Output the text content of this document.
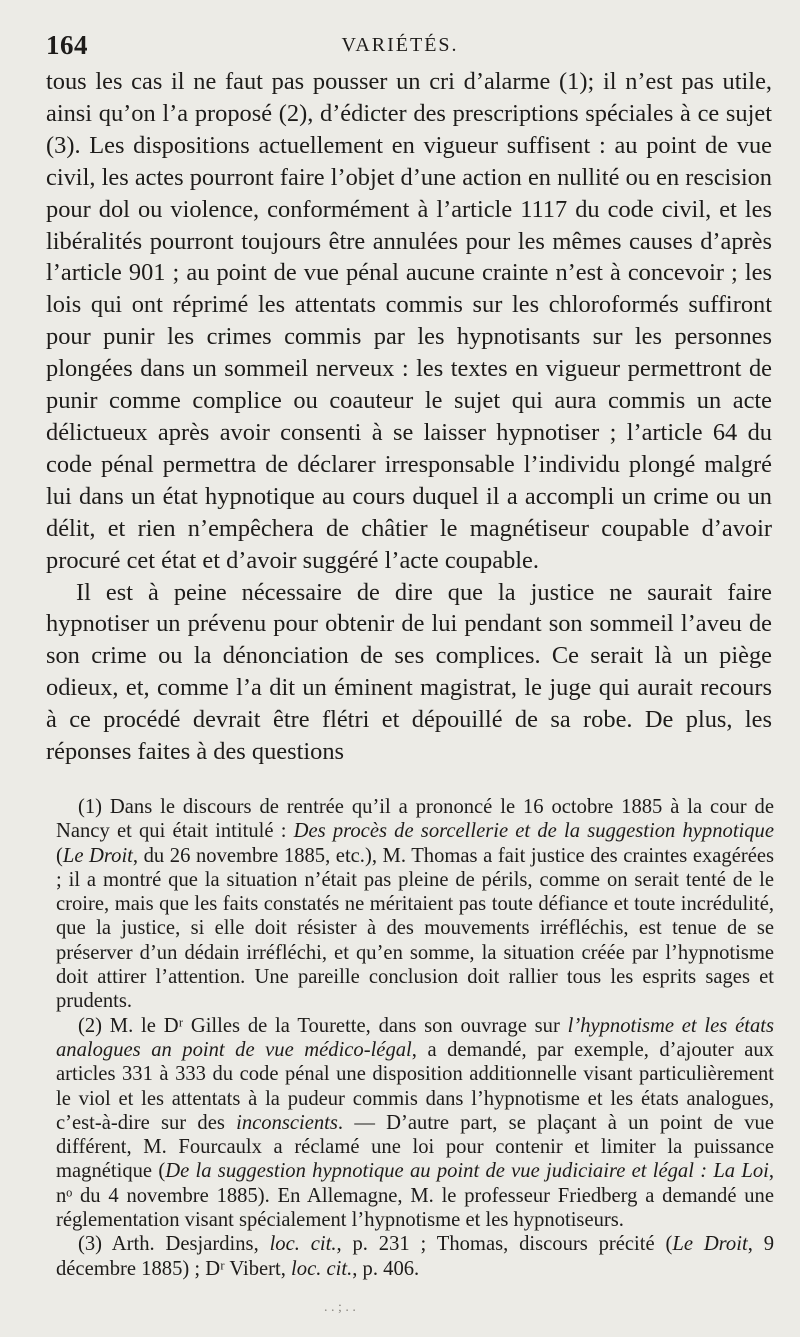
164	VARIÉTÉS.

tous les cas il ne faut pas pousser un cri d’alarme (1); il n’est pas utile, ainsi qu’on l’a proposé (2), d’édicter des prescriptions spéciales à ce sujet (3). Les dispositions actuellement en vigueur suffisent : au point de vue civil, les actes pourront faire l’objet d’une action en nullité ou en rescision pour dol ou violence, conformément à l’article 1117 du code civil, et les libéralités pourront toujours être annulées pour les mêmes causes d’après l’article 901 ; au point de vue pénal aucune crainte n’est à concevoir ; les lois qui ont réprimé les attentats commis sur les chloroformés suffiront pour punir les crimes commis par les hypnotisants sur les personnes plongées dans un sommeil nerveux : les textes en vigueur permettront de punir comme complice ou coauteur le sujet qui aura commis un acte délictueux après avoir consenti à se laisser hypnotiser ; l’article 64 du code pénal permettra de déclarer irresponsable l’individu plongé malgré lui dans un état hypnotique au cours duquel il a accompli un crime ou un délit, et rien n’empêchera de châtier le magnétiseur coupable d’avoir procuré cet état et d’avoir suggéré l’acte coupable.

Il est à peine nécessaire de dire que la justice ne saurait faire hypnotiser un prévenu pour obtenir de lui pendant son sommeil l’aveu de son crime ou la dénonciation de ses complices. Ce serait là un piège odieux, et, comme l’a dit un éminent magistrat, le juge qui aurait recours à ce procédé devrait être flétri et dépouillé de sa robe. De plus, les réponses faites à des questions

(1) Dans le discours de rentrée qu’il a prononcé le 16 octobre 1885 à la cour de Nancy et qui était intitulé : Des procès de sorcellerie et de la suggestion hypnotique (Le Droit, du 26 novembre 1885, etc.), M. Thomas a fait justice des craintes exagérées ; il a montré que la situation n’était pas pleine de périls, comme on serait tenté de le croire, mais que les faits constatés ne méritaient pas toute défiance et toute incrédulité, que la justice, si elle doit résister à des mouvements irréfléchis, est tenue de se préserver d’un dédain irréfléchi, et qu’en somme, la situation créée par l’hypnotisme doit attirer l’attention. Une pareille conclusion doit rallier tous les esprits sages et prudents.

(2) M. le Dʳ Gilles de la Tourette, dans son ouvrage sur l’hypnotisme et les états analogues an point de vue médico-légal, a demandé, par exemple, d’ajouter aux articles 331 à 333 du code pénal une disposition additionnelle visant particulièrement le viol et les attentats à la pudeur commis dans l’hypnotisme et les états analogues, c’est-à-dire sur des inconscients. — D’autre part, se plaçant à un point de vue différent, M. Fourcaulx a réclamé une loi pour contenir et limiter la puissance magnétique (De la suggestion hypnotique au point de vue judiciaire et légal : La Loi, nᵒ du 4 novembre 1885). En Allemagne, M. le professeur Friedberg a demandé une réglementation visant spécialement l’hypnotisme et les hypnotiseurs.

(3) Arth. Desjardins, loc. cit., p. 231 ; Thomas, discours précité (Le Droit, 9 décembre 1885) ; Dʳ Vibert, loc. cit., p. 406.

. . ; . .
